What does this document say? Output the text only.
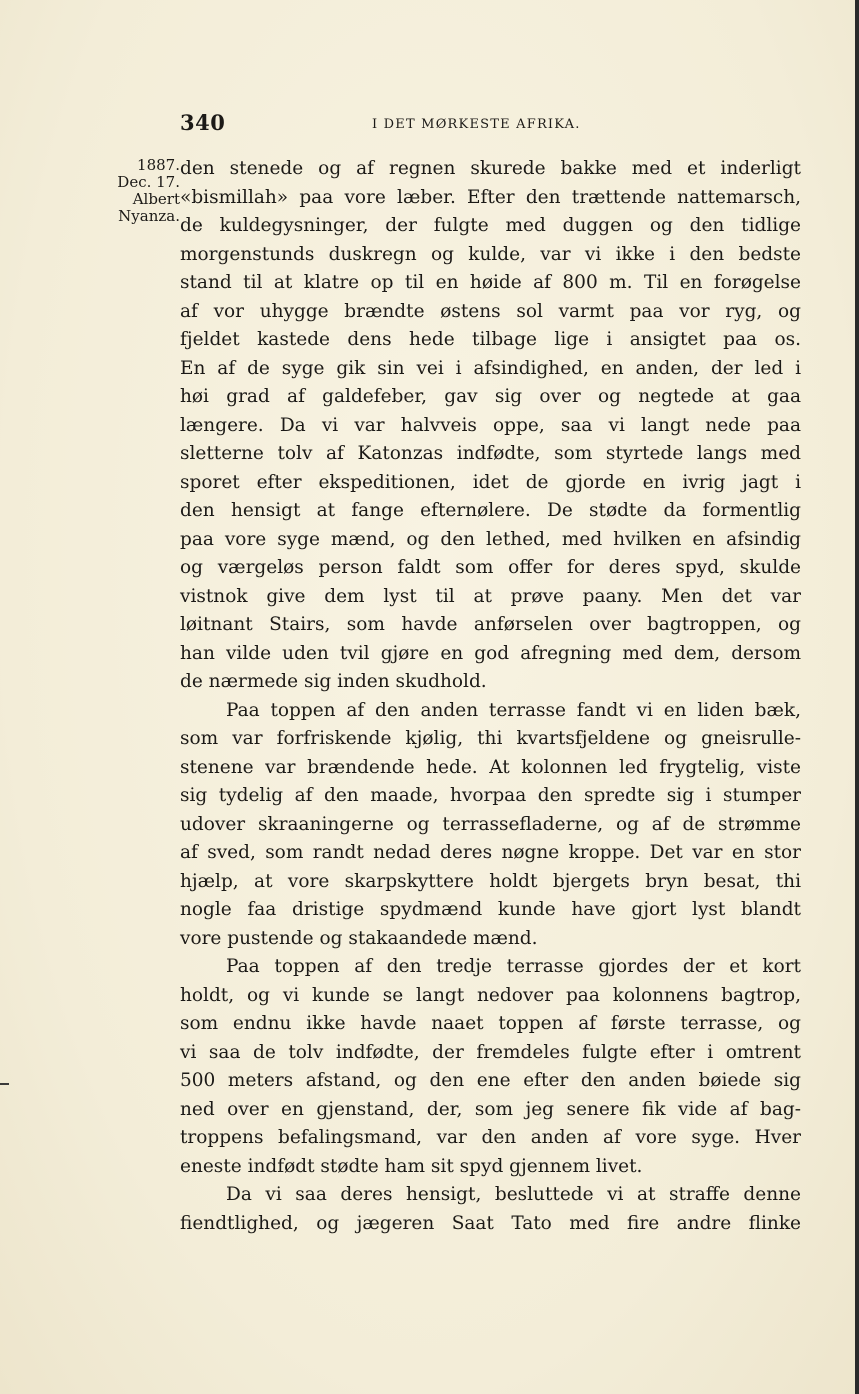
340	I DET MØRKESTE AFRIKA.
1887.
Dec. 17.
Albert
Nyanza.
den stenede og af regnen skurede bakke med et inderligt
«bismillah» paa vore læber. Efter den trættende nattemarsch,
de kuldegysninger, der fulgte med duggen og den tidlige
morgenstunds duskregn og kulde, var vi ikke i den bedste
stand til at klatre op til en høide af 800 m. Til en forøgelse
af vor uhygge brændte østens sol varmt paa vor ryg, og
fjeldet kastede dens hede tilbage lige i ansigtet paa os.
En af de syge gik sin vei i afsindighed, en anden, der led i
høi grad af galdefeber, gav sig over og negtede at gaa
længere. Da vi var halvveis oppe, saa vi langt nede paa
sletterne tolv af Katonzas indfødte, som styrtede langs med
sporet efter ekspeditionen, idet de gjorde en ivrig jagt i
den hensigt at fange efternølere. De stødte da formentlig
paa vore syge mænd, og den lethed, med hvilken en afsindig
og værgeløs person faldt som offer for deres spyd, skulde
vistnok give dem lyst til at prøve paany. Men det var
løitnant Stairs, som havde anførselen over bagtroppen, og
han vilde uden tvil gjøre en god afregning med dem, dersom
de nærmede sig inden skudhold.
Paa toppen af den anden terrasse fandt vi en liden bæk,
som var forfriskende kjølig, thi kvartsfjeldene og gneisrulle-
stenene var brændende hede. At kolonnen led frygtelig, viste
sig tydelig af den maade, hvorpaa den spredte sig i stumper
udover skraaningerne og terrassefladerne, og af de strømme
af sved, som randt nedad deres nøgne kroppe. Det var en stor
hjælp, at vore skarpskyttere holdt bjergets bryn besat, thi
nogle faa dristige spydmænd kunde have gjort lyst blandt
vore pustende og stakaandede mænd.
Paa toppen af den tredje terrasse gjordes der et kort
holdt, og vi kunde se langt nedover paa kolonnens bagtrop,
som endnu ikke havde naaet toppen af første terrasse, og
vi saa de tolv indfødte, der fremdeles fulgte efter i omtrent
500 meters afstand, og den ene efter den anden bøiede sig
ned over en gjenstand, der, som jeg senere fik vide af bag-
troppens befalingsmand, var den anden af vore syge. Hver
eneste indfødt stødte ham sit spyd gjennem livet.
Da vi saa deres hensigt, besluttede vi at straffe denne
fiendtlighed, og jægeren Saat Tato med fire andre flinke
